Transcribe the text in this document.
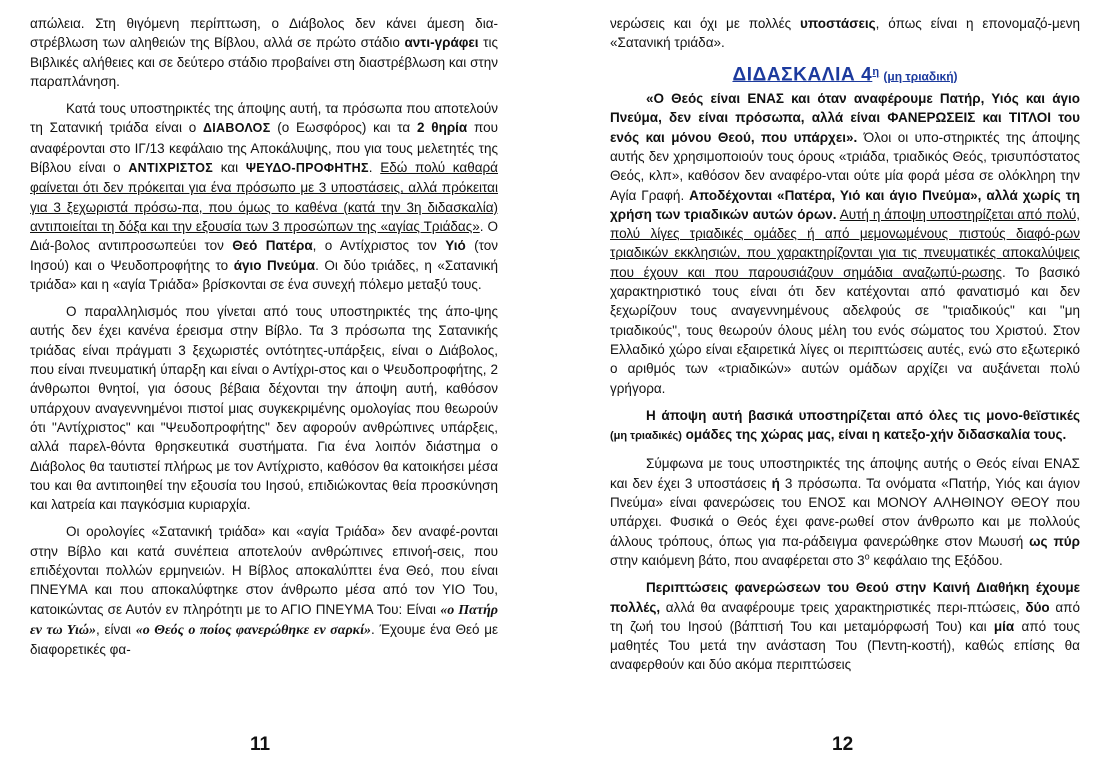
απώλεια. Στη θιγόμενη περίπτωση, ο Διάβολος δεν κάνει άμεση δια-στρέβλωση των αληθειών της Βίβλου, αλλά σε πρώτο στάδιο αντι-γράφει τις Βιβλικές αλήθειες και σε δεύτερο στάδιο προβαίνει στη διαστρέβλωση και στην παραπλάνηση.

Κατά τους υποστηρικτές της άποψης αυτή, τα πρόσωπα που αποτελούν τη Σατανική τριάδα είναι ο ΔΙΑΒΟΛΟΣ (ο Εωσφόρος) και τα 2 θηρία που αναφέρονται στο ΙΓ/13 κεφάλαιο της Αποκάλυψης, που για τους μελετητές της Βίβλου είναι ο ΑΝΤΙΧΡΙΣΤΟΣ και ΨΕΥΔΟ-ΠΡΟΦΗΤΗΣ. Εδώ πολύ καθαρά φαίνεται ότι δεν πρόκειται για ένα πρόσωπο με 3 υποστάσεις, αλλά πρόκειται για 3 ξεχωριστά πρόσω-πα, που όμως το καθένα (κατά την 3η διδασκαλία) αντιποιείται τη δόξα και την εξουσία των 3 προσώπων της «αγίας Τριάδας». Ο Διά-βολος αντιπροσωπεύει τον Θεό Πατέρα, ο Αντίχριστος τον Υιό (τον Ιησού) και ο Ψευδοπροφήτης το άγιο Πνεύμα. Οι δύο τριάδες, η «Σατανική τριάδα» και η «αγία Τριάδα» βρίσκονται σε ένα συνεχή πόλεμο μεταξύ τους.

Ο παραλληλισμός που γίνεται από τους υποστηρικτές της άπο-ψης αυτής δεν έχει κανένα έρεισμα στην Βίβλο. Τα 3 πρόσωπα της Σατανικής τριάδας είναι πράγματι 3 ξεχωριστές οντότητες-υπάρξεις, είναι ο Διάβολος, που είναι πνευματική ύπαρξη και είναι ο Αντίχρι-στος και ο Ψευδοπροφήτης, 2 άνθρωποι θνητοί, για όσους βέβαια δέχονται την άποψη αυτή, καθόσον υπάρχουν αναγεννημένοι πιστοί μιας συγκεκριμένης ομολογίας που θεωρούν ότι "Αντίχριστος" και "Ψευδοπροφήτης" δεν αφορούν ανθρώπινες υπάρξεις, αλλά παρελ-θόντα θρησκευτικά συστήματα. Για ένα λοιπόν διάστημα ο Διάβολος θα ταυτιστεί πλήρως με τον Αντίχριστο, καθόσον θα κατοικήσει μέσα του και θα αντιποιηθεί την εξουσία του Ιησού, επιδιώκοντας θεία προσκύνηση και λατρεία και παγκόσμια κυριαρχία.

Οι ορολογίες «Σατανική τριάδα» και «αγία Τριάδα» δεν αναφέ-ρονται στην Βίβλο και κατά συνέπεια αποτελούν ανθρώπινες επινοή-σεις, που επιδέχονται πολλών ερμηνειών. Η Βίβλος αποκαλύπτει ένα Θεό, που είναι ΠΝΕΥΜΑ και που αποκαλύφτηκε στον άνθρωπο μέσα από τον ΥΙΟ Του, κατοικώντας σε Αυτόν εν πληρότητι με το ΑΓΙΟ ΠΝΕΥΜΑ Του: Είναι «ο Πατήρ εν τω Υιώ», είναι «ο Θεός ο ποίος φανερώθηκε εν σαρκί». Έχουμε ένα Θεό με διαφορετικές φα-

νερώσεις και όχι με πολλές υποστάσεις, όπως είναι η επονομαζό-μενη «Σατανική τριάδα».

ΔΙΔΑΣΚΑΛΙΑ $4^\eta$ (μη τριαδική)

«Ο Θεός είναι ΕΝΑΣ και όταν αναφέρουμε Πατήρ, Υιός και άγιο Πνεύμα, δεν είναι πρόσωπα, αλλά είναι ΦΑΝΕΡΩΣΕΙΣ και ΤΙΤΛΟΙ του ενός και μόνου Θεού, που υπάρχει». Όλοι οι υπο-στηρικτές της άποψης αυτής δεν χρησιμοποιούν τους όρους «τριάδα, τριαδικός Θεός, τρισυπόστατος Θεός, κλπ», καθόσον δεν αναφέρο-νται ούτε μία φορά μέσα σε ολόκληρη την Αγία Γραφή. Αποδέχονται «Πατέρα, Υιό και άγιο Πνεύμα», αλλά χωρίς τη χρήση των τριαδικών αυτών όρων. Αυτή η άποψη υποστηρίζεται από πολύ, πολύ λίγες τριαδικές ομάδες ή από μεμονωμένους πιστούς διαφό-ρων τριαδικών εκκλησιών, που χαρακτηρίζονται για τις πνευματικές αποκαλύψεις που έχουν και που παρουσιάζουν σημάδια αναζωπύ-ρωσης. Το βασικό χαρακτηριστικό τους είναι ότι δεν κατέχονται από φανατισμό και δεν ξεχωρίζουν τους αναγεννημένους αδελφούς σε "τριαδικούς" και "μη τριαδικούς", τους θεωρούν όλους μέλη του ενός σώματος του Χριστού. Στον Ελλαδικό χώρο είναι εξαιρετικά λίγες οι περιπτώσεις αυτές, ενώ στο εξωτερικό ο αριθμός των «τριαδικών» αυτών ομάδων αρχίζει να αυξάνεται πολύ γρήγορα.

Η άποψη αυτή βασικά υποστηρίζεται από όλες τις μονο-θεϊστικές (μη τριαδικές) ομάδες της χώρας μας, είναι η κατεξο-χήν διδασκαλία τους.

Σύμφωνα με τους υποστηρικτές της άποψης αυτής ο Θεός είναι ΕΝΑΣ και δεν έχει 3 υποστάσεις ή 3 πρόσωπα. Τα ονόματα «Πατήρ, Υιός και άγιον Πνεύμα» είναι φανερώσεις του ΕΝΟΣ και ΜΟΝΟΥ ΑΛΗΘΙΝΟΥ ΘΕΟΥ που υπάρχει. Φυσικά ο Θεός έχει φανε-ρωθεί στον άνθρωπο και με πολλούς άλλους τρόπους, όπως για πα-ράδειγμα φανερώθηκε στον Μωυσή ως πύρ στην καιόμενη βάτο, που αναφέρεται στο $3^o$ κεφάλαιο της Εξόδου.

Περιπτώσεις φανερώσεων του Θεού στην Καινή Διαθήκη έχουμε πολλές, αλλά θα αναφέρουμε τρεις χαρακτηριστικές περι-πτώσεις, δύο από τη ζωή του Ιησού (βάπτισή Του και μεταμόρφωσή Του) και μία από τους μαθητές Του μετά την ανάσταση Του (Πεντη-κοστή), καθώς επίσης θα αναφερθούν και δύο ακόμα περιπτώσεις

11	12
